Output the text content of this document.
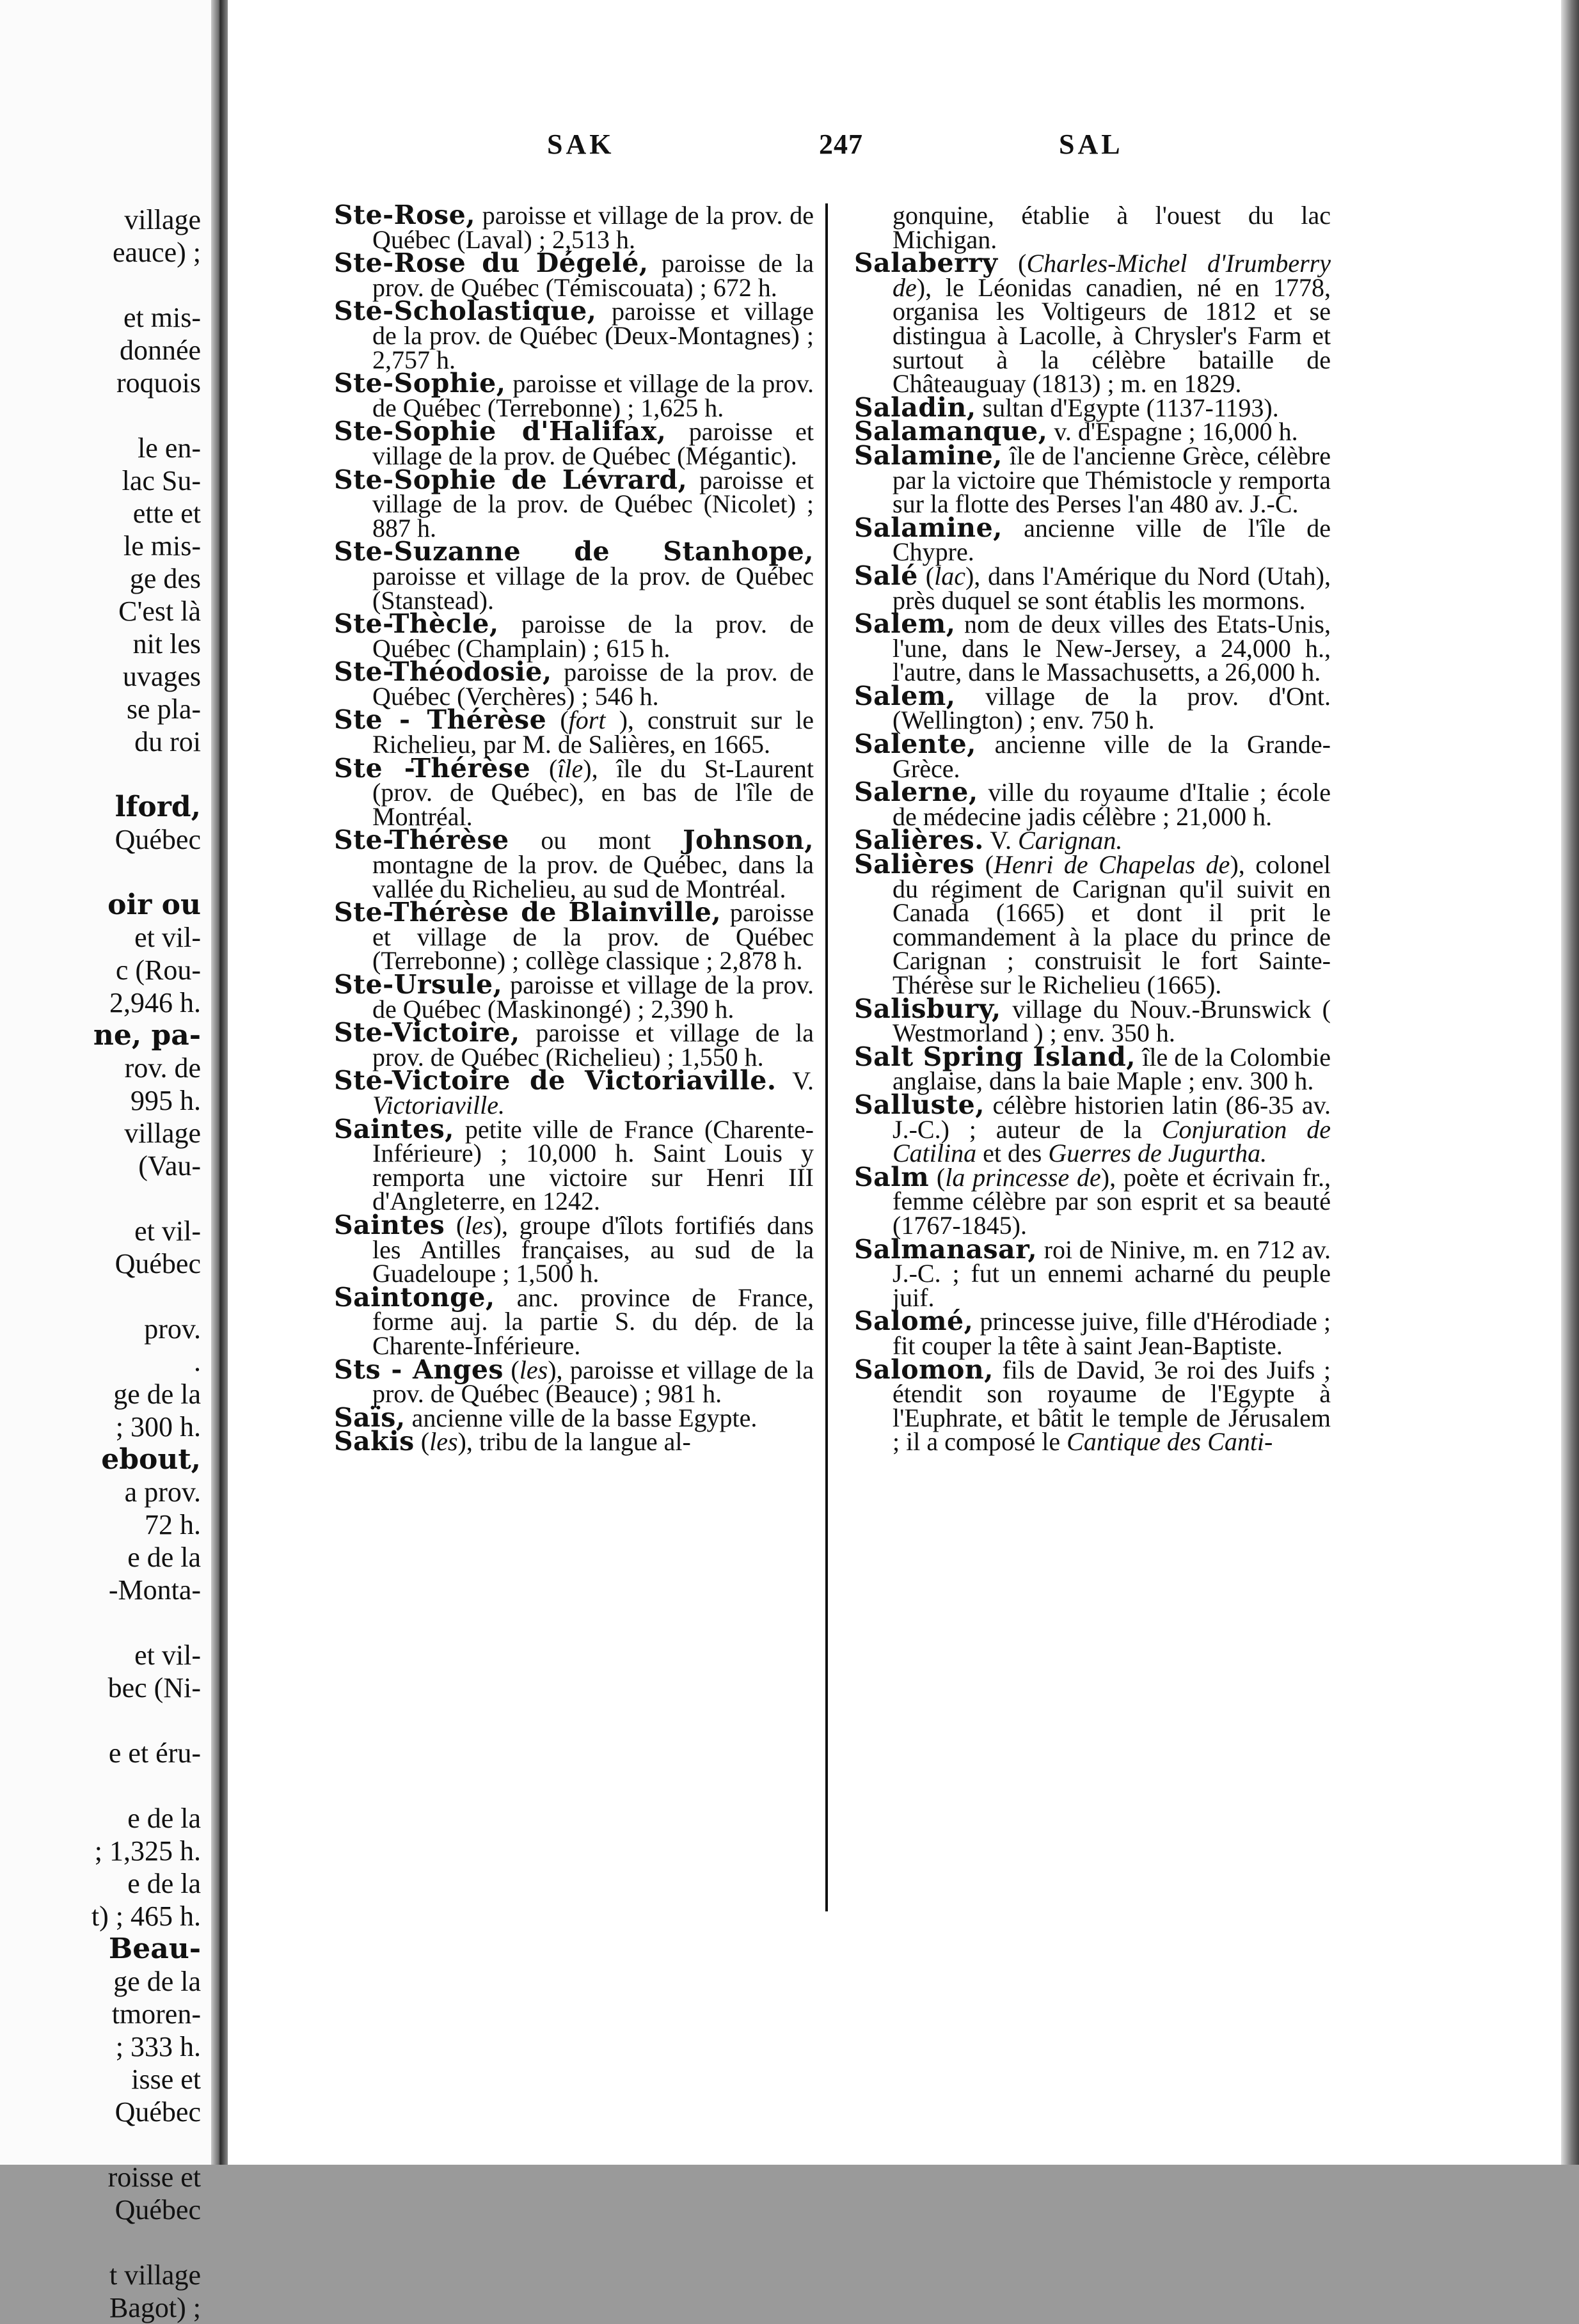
village
eauce) ;
et mis-
donnée
roquois
le en-
lac Su-
ette et
le mis-
ge des
C'est là
nit les
uvages
se pla-
du roi
lford,
Québec
oir ou
et vil-
c (Rou-
2,946 h.
ne, pa-
rov. de
995 h.
village
(Vau-
et vil-
Québec
prov.
.
ge de la
; 300 h.
ebout,
a prov.
72 h.
e de la
-Monta-
et vil-
bec (Ni-
e et éru-
e de la
; 1,325 h.
e de la
t) ; 465 h.
Beau-
ge de la
tmoren-
; 333 h.
isse et
Québec
roisse et
Québec
t village
Bagot) ;
SAK	247	SAL

Ste-Rose, paroisse et village de la prov. de Québec (Laval) ; 2,513 h.

Ste-Rose du Dégelé, paroisse de la prov. de Québec (Témiscouata) ; 672 h.

Ste-Scholastique, paroisse et village de la prov. de Québec (Deux-Montagnes) ; 2,757 h.

Ste-Sophie, paroisse et village de la prov. de Québec (Terrebonne) ; 1,625 h.

Ste-Sophie d'Halifax, paroisse et village de la prov. de Québec (Mégantic).

Ste-Sophie de Lévrard, paroisse et village de la prov. de Québec (Nicolet) ; 887 h.

Ste-Suzanne de Stanhope, paroisse et village de la prov. de Québec (Stanstead).

Ste-Thècle, paroisse de la prov. de Québec (Champlain) ; 615 h.

Ste-Théodosie, paroisse de la prov. de Québec (Verchères) ; 546 h.

Ste - Thérèse (fort ), construit sur le Richelieu, par M. de Salières, en 1665.

Ste -Thérèse (île), île du St-Laurent (prov. de Québec), en bas de l'île de Montréal.

Ste-Thérèse ou mont Johnson, montagne de la prov. de Québec, dans la vallée du Richelieu, au sud de Montréal.

Ste-Thérèse de Blainville, paroisse et village de la prov. de Québec (Terrebonne) ; collège classique ; 2,878 h.

Ste-Ursule, paroisse et village de la prov. de Québec (Maskinongé) ; 2,390 h.

Ste-Victoire, paroisse et village de la prov. de Québec (Richelieu) ; 1,550 h.

Ste-Victoire de Victoriaville. V. Victoriaville.

Saintes, petite ville de France (Charente-Inférieure) ; 10,000 h. Saint Louis y remporta une victoire sur Henri III d'Angleterre, en 1242.

Saintes (les), groupe d'îlots fortifiés dans les Antilles françaises, au sud de la Guadeloupe ; 1,500 h.

Saintonge, anc. province de France, forme auj. la partie S. du dép. de la Charente-Inférieure.

Sts - Anges (les), paroisse et village de la prov. de Québec (Beauce) ; 981 h.

Saïs, ancienne ville de la basse Egypte.

Sakis (les), tribu de la langue al-

gonquine, établie à l'ouest du lac Michigan.

Salaberry (Charles-Michel d'Irumberry de), le Léonidas canadien, né en 1778, organisa les Voltigeurs de 1812 et se distingua à Lacolle, à Chrysler's Farm et surtout à la célèbre bataille de Châteauguay (1813) ; m. en 1829.

Saladin, sultan d'Egypte (1137-1193).

Salamanque, v. d'Espagne ; 16,000 h.

Salamine, île de l'ancienne Grèce, célèbre par la victoire que Thémistocle y remporta sur la flotte des Perses l'an 480 av. J.-C.

Salamine, ancienne ville de l'île de Chypre.

Salé (lac), dans l'Amérique du Nord (Utah), près duquel se sont établis les mormons.

Salem, nom de deux villes des Etats-Unis, l'une, dans le New-Jersey, a 24,000 h., l'autre, dans le Massachusetts, a 26,000 h.

Salem, village de la prov. d'Ont. (Wellington) ; env. 750 h.

Salente, ancienne ville de la Grande-Grèce.

Salerne, ville du royaume d'Italie ; école de médecine jadis célèbre ; 21,000 h.

Salières. V. Carignan.

Salières (Henri de Chapelas de), colonel du régiment de Carignan qu'il suivit en Canada (1665) et dont il prit le commandement à la place du prince de Carignan ; construisit le fort Sainte-Thérèse sur le Richelieu (1665).

Salisbury, village du Nouv.-Brunswick ( Westmorland ) ; env. 350 h.

Salt Spring Island, île de la Colombie anglaise, dans la baie Maple ; env. 300 h.

Salluste, célèbre historien latin (86-35 av. J.-C.) ; auteur de la Conjuration de Catilina et des Guerres de Jugurtha.

Salm (la princesse de), poète et écrivain fr., femme célèbre par son esprit et sa beauté (1767-1845).

Salmanasar, roi de Ninive, m. en 712 av. J.-C. ; fut un ennemi acharné du peuple juif.

Salomé, princesse juive, fille d'Hérodiade ; fit couper la tête à saint Jean-Baptiste.

Salomon, fils de David, 3e roi des Juifs ; étendit son royaume de l'Egypte à l'Euphrate, et bâtit le temple de Jérusalem ; il a composé le Cantique des Canti-
